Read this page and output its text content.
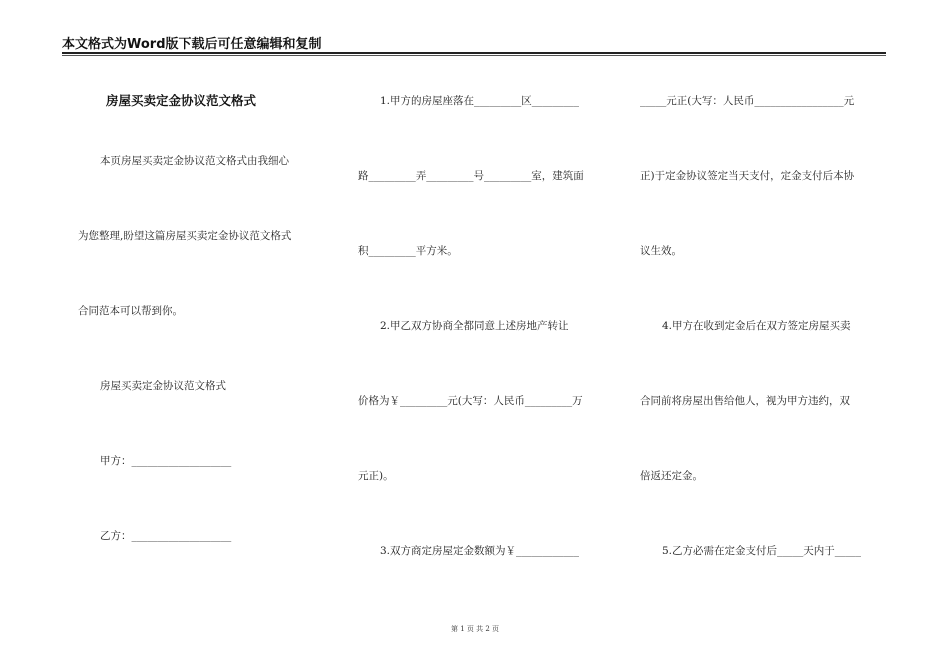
本文格式为Word版下载后可任意编辑和复制
房屋买卖定金协议范文格式
本页房屋买卖定金协议范文格式由我细心
为您整理,盼望这篇房屋买卖定金协议范文格式
合同范本可以帮到你。
房屋买卖定金协议范文格式
甲方：___________________
乙方：___________________
1.甲方的房屋座落在_________区_________
路_________弄_________号_________室，建筑面
积_________平方米。
2.甲乙双方协商全都同意上述房地产转让
价格为￥_________元(大写：人民币_________万
元正)。
3.双方商定房屋定金数额为￥____________
_____元正(大写：人民币_________________元
正)于定金协议签定当天支付，定金支付后本协
议生效。
4.甲方在收到定金后在双方签定房屋买卖
合同前将房屋出售给他人，视为甲方违约，双
倍返还定金。
5.乙方必需在定金支付后_____天内于_____
第 1 页 共 2 页
